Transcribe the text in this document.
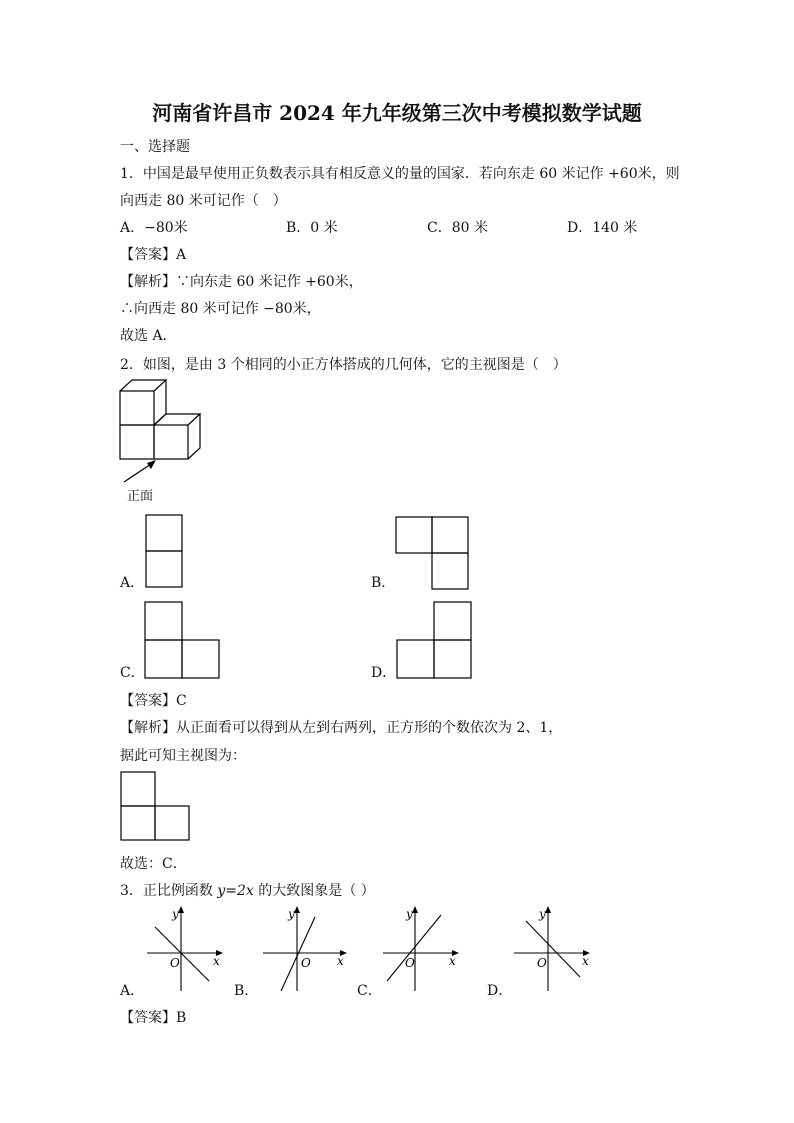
河南省许昌市 2024 年九年级第三次中考模拟数学试题
一、选择题
1．中国是最早使用正负数表示具有相反意义的量的国家．若向东走 60 米记作 +60米，则
向西走 80 米可记作（　）
A．−80米	B．0 米	C．80 米	D．140 米
【答案】A
【解析】∵向东走 60 米记作 +60米，
∴向西走 80 米可记作 −80米，
故选 A．
2．如图，是由 3 个相同的小正方体搭成的几何体，它的主视图是（　）
正面
A．	B．
C．	D．
【答案】C
【解析】从正面看可以得到从左到右两列，正方形的个数依次为 2、1，
据此可知主视图为：
故选：C．
3．正比例函数 y=2x 的大致图象是（ ）
y
x
O
A．
y
x
O
B．
y
x
O
C．
y
x
O
D．
【答案】B
